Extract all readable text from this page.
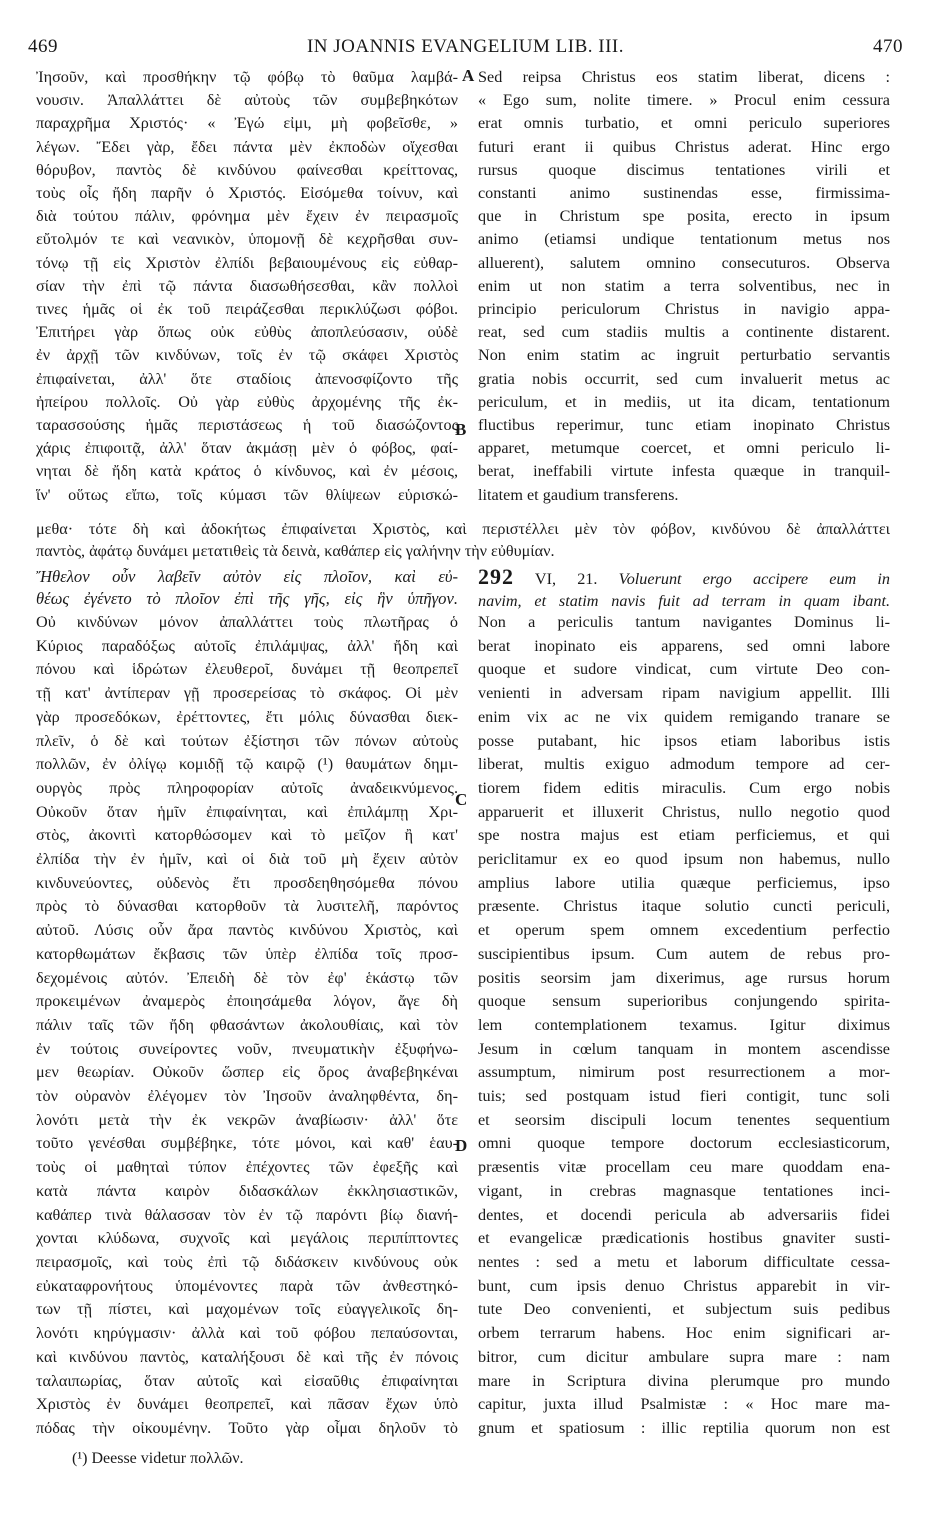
469	IN JOANNIS EVANGELIUM LIB. III.	470
A
B
C
D

Ἰησοῦν, καὶ προσθήκην τῷ φόβῳ τὸ θαῦμα λαμβά-

νουσιν. Ἀπαλλάττει δὲ αὐτοὺς τῶν συμβεβηκότων

παραχρῆμα Χριστός· « Ἐγώ εἰμι, μὴ φοβεῖσθε, »

λέγων. Ἔδει γὰρ, ἔδει πάντα μὲν ἐκποδὼν οἴχεσθαι

θόρυβον, παντὸς δὲ κινδύνου φαίνεσθαι κρείττονας,

τοὺς οἷς ἤδη παρῆν ὁ Χριστός. Εἰσόμεθα τοίνυν, καὶ

διὰ τούτου πάλιν, φρόνημα μὲν ἔχειν ἐν πειρασμοῖς

εὔτολμόν τε καὶ νεανικὸν, ὑπομονῇ δὲ κεχρῆσθαι συν-

τόνῳ τῇ εἰς Χριστὸν ἐλπίδι βεβαιουμένους εἰς εὐθαρ-

σίαν τὴν ἐπὶ τῷ πάντα διασωθήσεσθαι, κἂν πολλοὶ

τινες ἡμᾶς οἱ ἐκ τοῦ πειράζεσθαι περικλύζωσι φόβοι.

Ἐπιτήρει γὰρ ὅπως οὐκ εὐθὺς ἀποπλεύσασιν, οὐδὲ

ἐν ἀρχῇ τῶν κινδύνων, τοῖς ἐν τῷ σκάφει Χριστὸς

ἐπιφαίνεται, ἀλλ' ὅτε σταδίοις ἀπενοσφίζοντο τῆς

ἠπείρου πολλοῖς. Οὐ γὰρ εὐθὺς ἀρχομένης τῆς ἐκ-

ταρασσούσης ἡμᾶς περιστάσεως ἡ τοῦ διασώζοντος

χάρις ἐπιφοιτᾷ, ἀλλ' ὅταν ἀκμάσῃ μὲν ὁ φόβος, φαί-

νηται δὲ ἤδη κατὰ κράτος ὁ κίνδυνος, καὶ ἐν μέσοις,

ἵν' οὕτως εἴπω, τοῖς κύμασι τῶν θλίψεων εὑρισκώ-

Sed reipsa Christus eos statim liberat, dicens :

« Ego sum, nolite timere. » Procul enim cessura

erat omnis turbatio, et omni periculo superiores

futuri erant ii quibus Christus aderat. Hinc ergo

rursus quoque discimus tentationes virili et

constanti animo sustinendas esse, firmissima-

que in Christum spe posita, erecto in ipsum

animo (etiamsi undique tentationum metus nos

alluerent), salutem omnino consecuturos. Observa

enim ut non statim a terra solventibus, nec in

principio periculorum Christus in navigio appa-

reat, sed cum stadiis multis a continente distarent.

Non enim statim ac ingruit perturbatio servantis

gratia nobis occurrit, sed cum invaluerit metus ac

periculum, et in mediis, ut ita dicam, tentationum

fluctibus reperimur, tunc etiam inopinato Christus

apparet, metumque coercet, et omni periculo li-

berat, ineffabili virtute infesta quæque in tranquil-

litatem et gaudium transferens.

μεθα· τότε δὴ καὶ ἀδοκήτως ἐπιφαίνεται Χριστὸς, καὶ περιστέλλει μὲν τὸν φόβον, κινδύνου δὲ ἀπαλλάττει

παντὸς, ἀφάτῳ δυνάμει μετατιθεὶς τὰ δεινὰ, καθάπερ εἰς γαλήνην τὴν εὐθυμίαν.

Ἤθελον οὖν λαβεῖν αὐτὸν εἰς πλοῖον, καὶ εὐ-

θέως ἐγένετο τὸ πλοῖον ἐπὶ τῆς γῆς, εἰς ἣν ὑπῆγον.

292 VI, 21. Voluerunt ergo accipere eum in

navim, et statim navis fuit ad terram in quam ibant.

Οὐ κινδύνων μόνον ἀπαλλάττει τοὺς πλωτῆρας ὁ

Κύριος παραδόξως αὐτοῖς ἐπιλάμψας, ἀλλ' ἤδη καὶ

πόνου καὶ ἱδρώτων ἐλευθεροῖ, δυνάμει τῇ θεοπρεπεῖ

τῇ κατ' ἀντίπεραν γῇ προσερείσας τὸ σκάφος. Οἱ μὲν

γὰρ προσεδόκων, ἐρέττοντες, ἔτι μόλις δύνασθαι διεκ-

πλεῖν, ὁ δὲ καὶ τούτων ἐξίστησι τῶν πόνων αὐτοὺς

πολλῶν, ἐν ὀλίγῳ κομιδῇ τῷ καιρῷ (¹) θαυμάτων δημι-

ουργὸς πρὸς πληροφορίαν αὐτοῖς ἀναδεικνύμενος.

Οὐκοῦν ὅταν ἡμῖν ἐπιφαίνηται, καὶ ἐπιλάμπῃ Χρι-

στὸς, ἀκονιτὶ κατορθώσομεν καὶ τὸ μεῖζον ἢ κατ'

ἐλπίδα τὴν ἐν ἡμῖν, καὶ οἱ διὰ τοῦ μὴ ἔχειν αὐτὸν

κινδυνεύοντες, οὐδενὸς ἔτι προσδεηθησόμεθα πόνου

πρὸς τὸ δύνασθαι κατορθοῦν τὰ λυσιτελῆ, παρόντος

αὐτοῦ. Λύσις οὖν ἄρα παντὸς κινδύνου Χριστὸς, καὶ

κατορθωμάτων ἔκβασις τῶν ὑπὲρ ἐλπίδα τοῖς προσ-

δεχομένοις αὐτόν. Ἐπειδὴ δὲ τὸν ἐφ' ἑκάστῳ τῶν

προκειμένων ἀναμερὸς ἐποιησάμεθα λόγον, ἄγε δὴ

πάλιν ταῖς τῶν ἤδη φθασάντων ἀκολουθίαις, καὶ τὸν

ἐν τούτοις συνείροντες νοῦν, πνευματικὴν ἐξυφήνω-

μεν θεωρίαν. Οὐκοῦν ὥσπερ εἰς ὄρος ἀναβεβηκέναι

τὸν οὐρανὸν ἐλέγομεν τὸν Ἰησοῦν ἀναληφθέντα, δη-

λονότι μετὰ τὴν ἐκ νεκρῶν ἀναβίωσιν· ἀλλ' ὅτε

τοῦτο γενέσθαι συμβέβηκε, τότε μόνοι, καὶ καθ' ἑαυ-

τοὺς οἱ μαθηταὶ τύπον ἐπέχοντες τῶν ἐφεξῆς καὶ

κατὰ πάντα καιρὸν διδασκάλων ἐκκλησιαστικῶν,

καθάπερ τινὰ θάλασσαν τὸν ἐν τῷ παρόντι βίῳ διανή-

χονται κλύδωνα, συχνοῖς καὶ μεγάλοις περιπίπτοντες

πειρασμοῖς, καὶ τοὺς ἐπὶ τῷ διδάσκειν κινδύνους οὐκ

εὐκαταφρονήτους ὑπομένοντες παρὰ τῶν ἀνθεστηκό-

των τῇ πίστει, καὶ μαχομένων τοῖς εὐαγγελικοῖς δη-

λονότι κηρύγμασιν· ἀλλὰ καὶ τοῦ φόβου πεπαύσονται,

καὶ κινδύνου παντὸς, καταλήξουσι δὲ καὶ τῆς ἐν πόνοις

ταλαιπωρίας, ὅταν αὐτοῖς καὶ εἰσαῦθις ἐπιφαίνηται

Χριστὸς ἐν δυνάμει θεοπρεπεῖ, καὶ πᾶσαν ἔχων ὑπὸ

πόδας τὴν οἰκουμένην. Τοῦτο γὰρ οἶμαι δηλοῦν τὸ

Non a periculis tantum navigantes Dominus li-

berat inopinato eis apparens, sed omni labore

quoque et sudore vindicat, cum virtute Deo con-

venienti in adversam ripam navigium appellit. Illi

enim vix ac ne vix quidem remigando tranare se

posse putabant, hic ipsos etiam laboribus istis

liberat, multis exiguo admodum tempore ad cer-

tiorem fidem editis miraculis. Cum ergo nobis

apparuerit et illuxerit Christus, nullo negotio quod

spe nostra majus est etiam perficiemus, et qui

periclitamur ex eo quod ipsum non habemus, nullo

amplius labore utilia quæque perficiemus, ipso

præsente. Christus itaque solutio cuncti periculi,

et operum spem omnem excedentium perfectio

suscipientibus ipsum. Cum autem de rebus pro-

positis seorsim jam dixerimus, age rursus horum

quoque sensum superioribus conjungendo spirita-

lem contemplationem texamus. Igitur diximus

Jesum in cœlum tanquam in montem ascendisse

assumptum, nimirum post resurrectionem a mor-

tuis; sed postquam istud fieri contigit, tunc soli

et seorsim discipuli locum tenentes sequentium

omni quoque tempore doctorum ecclesiasticorum,

præsentis vitæ procellam ceu mare quoddam ena-

vigant, in crebras magnasque tentationes inci-

dentes, et docendi pericula ab adversariis fidei

et evangelicæ prædicationis hostibus gnaviter susti-

nentes : sed a metu et laborum difficultate cessa-

bunt, cum ipsis denuo Christus apparebit in vir-

tute Deo convenienti, et subjectum suis pedibus

orbem terrarum habens. Hoc enim significari ar-

bitror, cum dicitur ambulare supra mare : nam

mare in Scriptura divina plerumque pro mundo

capitur, juxta illud Psalmistæ : « Hoc mare ma-

gnum et spatiosum : illic reptilia quorum non est

(¹) Deesse videtur πολλῶν.
